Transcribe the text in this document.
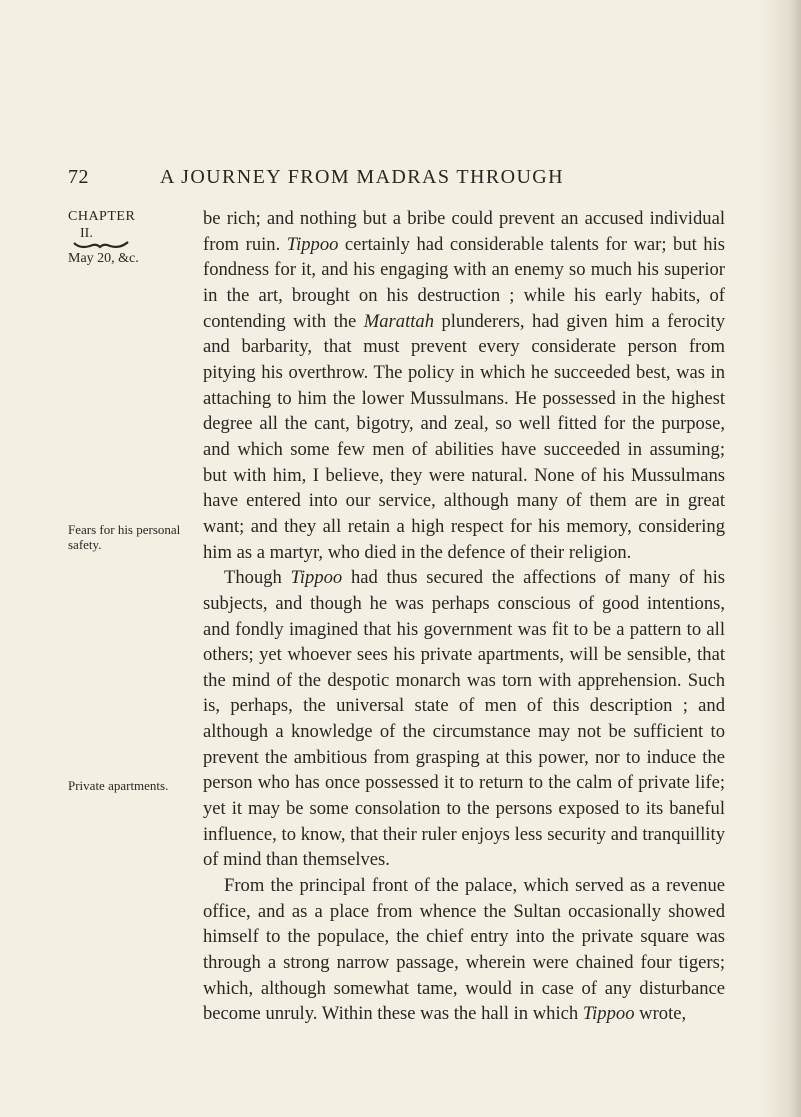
72	A JOURNEY FROM MADRAS THROUGH
CHAPTER
II.
May 20, &c.
Fears for his personal safety.
Private apartments.

be rich; and nothing but a bribe could prevent an accused individual from ruin. Tippoo certainly had considerable talents for war; but his fondness for it, and his engaging with an enemy so much his superior in the art, brought on his destruction ; while his early habits, of contending with the Marattah plunderers, had given him a ferocity and barbarity, that must prevent every considerate person from pitying his overthrow. The policy in which he succeeded best, was in attaching to him the lower Mussulmans. He possessed in the highest degree all the cant, bigotry, and zeal, so well fitted for the purpose, and which some few men of abilities have succeeded in assuming; but with him, I believe, they were natural. None of his Mussulmans have entered into our service, although many of them are in great want; and they all retain a high respect for his memory, considering him as a martyr, who died in the defence of their religion.

Though Tippoo had thus secured the affections of many of his subjects, and though he was perhaps conscious of good intentions, and fondly imagined that his government was fit to be a pattern to all others; yet whoever sees his private apartments, will be sensible, that the mind of the despotic monarch was torn with apprehension. Such is, perhaps, the universal state of men of this description ; and although a knowledge of the circumstance may not be sufficient to prevent the ambitious from grasping at this power, nor to induce the person who has once possessed it to return to the calm of private life; yet it may be some consolation to the persons exposed to its baneful influence, to know, that their ruler enjoys less security and tranquillity of mind than themselves.

From the principal front of the palace, which served as a revenue office, and as a place from whence the Sultan occasionally showed himself to the populace, the chief entry into the private square was through a strong narrow passage, wherein were chained four tigers; which, although somewhat tame, would in case of any disturbance become unruly. Within these was the hall in which Tippoo wrote,
